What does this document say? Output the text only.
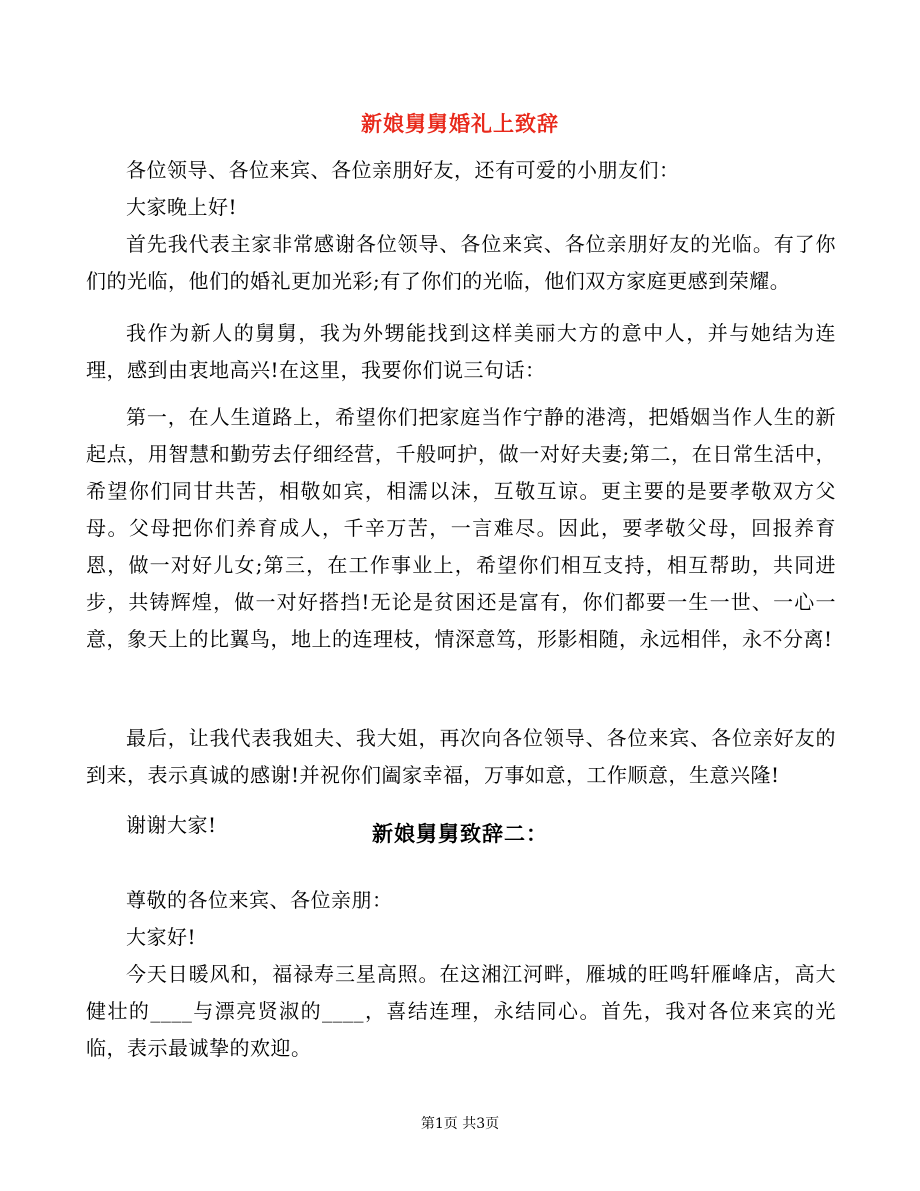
新娘舅舅婚礼上致辞
各位领导、各位来宾、各位亲朋好友，还有可爱的小朋友们：
大家晚上好!
首先我代表主家非常感谢各位领导、各位来宾、各位亲朋好友的光临。有了你们的光临，他们的婚礼更加光彩;有了你们的光临，他们双方家庭更感到荣耀。
我作为新人的舅舅，我为外甥能找到这样美丽大方的意中人，并与她结为连理，感到由衷地高兴!在这里，我要你们说三句话：
第一，在人生道路上，希望你们把家庭当作宁静的港湾，把婚姻当作人生的新起点，用智慧和勤劳去仔细经营，千般呵护，做一对好夫妻;第二，在日常生活中，希望你们同甘共苦，相敬如宾，相濡以沫，互敬互谅。更主要的是要孝敬双方父母。父母把你们养育成人，千辛万苦，一言难尽。因此，要孝敬父母，回报养育恩，做一对好儿女;第三，在工作事业上，希望你们相互支持，相互帮助，共同进步，共铸辉煌，做一对好搭挡!无论是贫困还是富有，你们都要一生一世、一心一意，象天上的比翼鸟，地上的连理枝，情深意笃，形影相随，永远相伴，永不分离!
最后，让我代表我姐夫、我大姐，再次向各位领导、各位来宾、各位亲好友的到来，表示真诚的感谢!并祝你们阖家幸福，万事如意，工作顺意，生意兴隆!
谢谢大家!	新娘舅舅致辞二：
尊敬的各位来宾、各位亲朋：
大家好!
今天日暖风和，福禄寿三星高照。在这湘江河畔，雁城的旺鸣轩雁峰店，高大健壮的____与漂亮贤淑的____，喜结连理，永结同心。首先，我对各位来宾的光临，表示最诚挚的欢迎。
第1页 共3页
